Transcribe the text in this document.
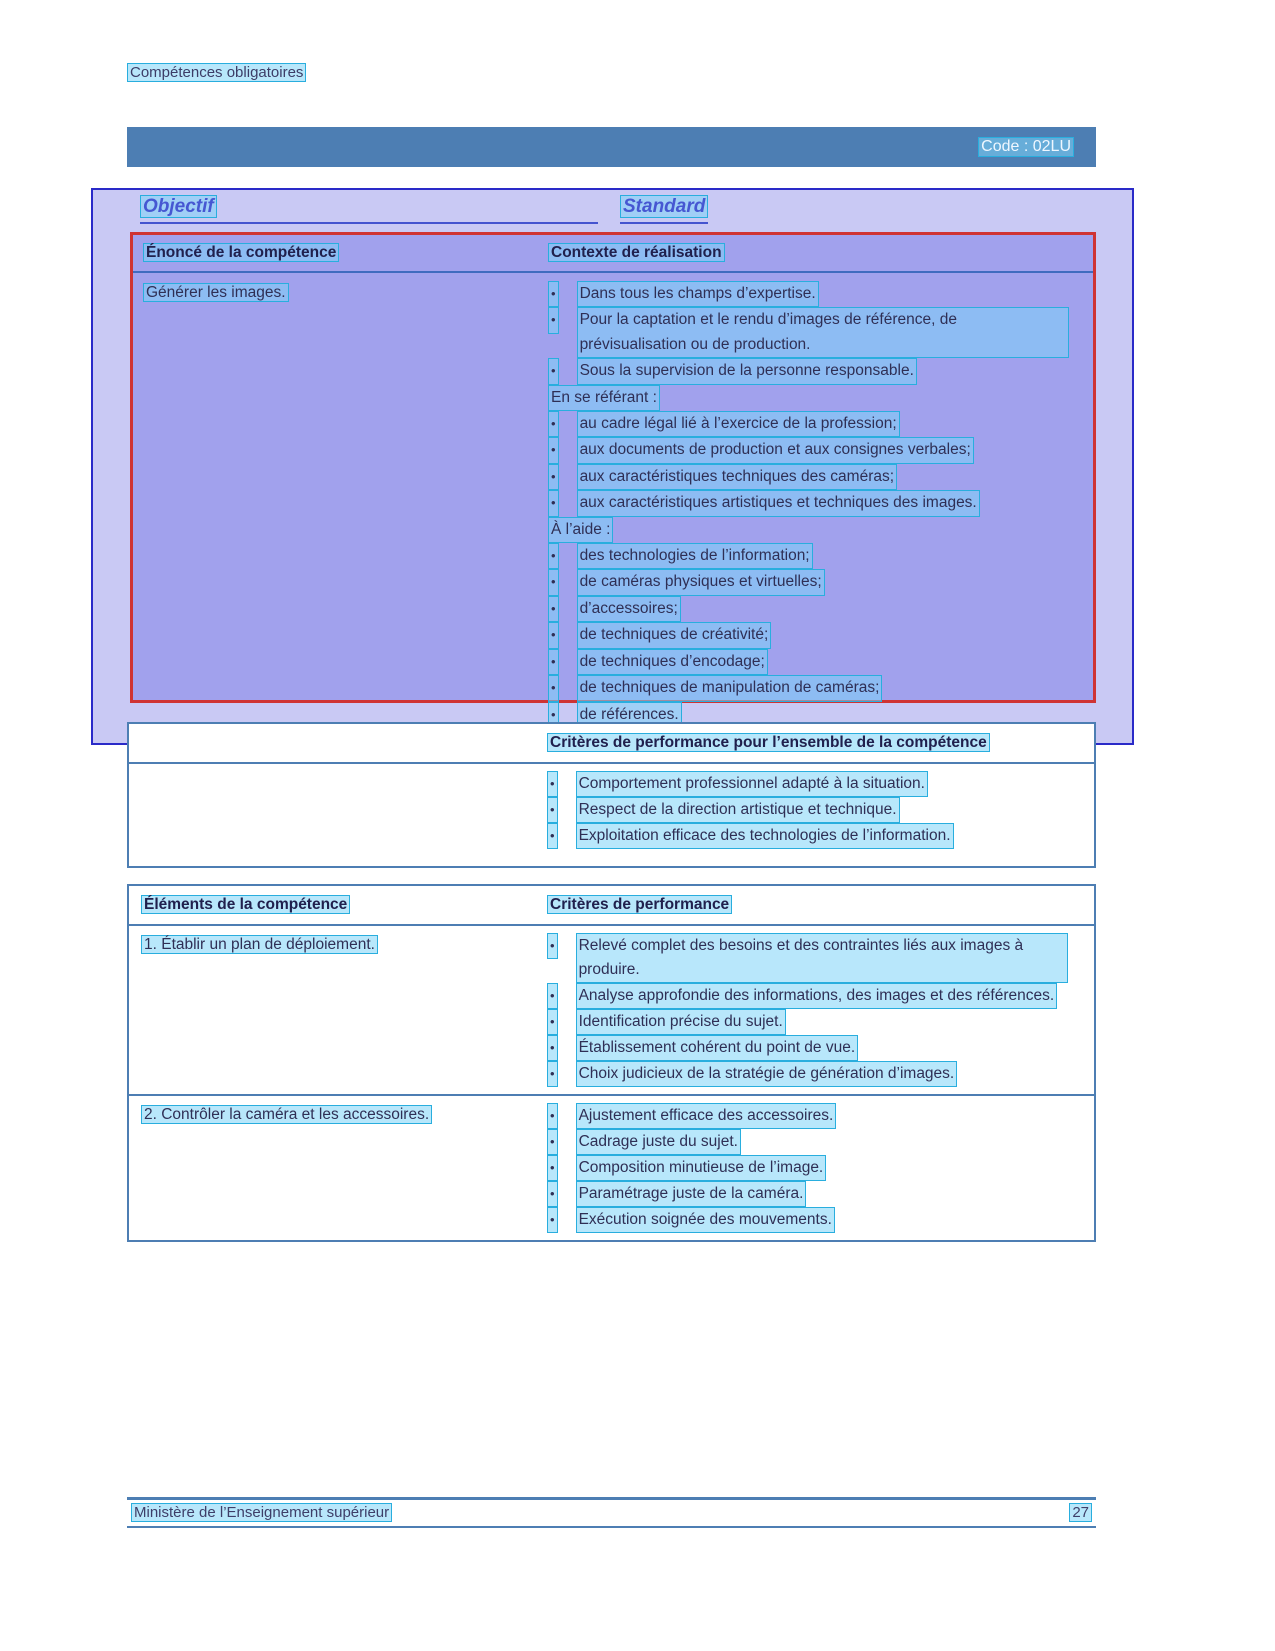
Compétences obligatoires
Code : 02LU
Objectif	Standard
Énoncé de la compétence	Contexte de réalisation
Générer les images.	• Dans tous les champs d’expertise.
• Pour la captation et le rendu d’images de référence, de prévisualisation ou de production.
• Sous la supervision de la personne responsable.
En se référant :
• au cadre légal lié à l’exercice de la profession;
• aux documents de production et aux consignes verbales;
• aux caractéristiques techniques des caméras;
• aux caractéristiques artistiques et techniques des images.
À l’aide :
• des technologies de l’information;
• de caméras physiques et virtuelles;
• d’accessoires;
• de techniques de créativité;
• de techniques d’encodage;
• de techniques de manipulation de caméras;
• de références.
Critères de performance pour l’ensemble de la compétence
• Comportement professionnel adapté à la situation.
• Respect de la direction artistique et technique.
• Exploitation efficace des technologies de l’information.
Éléments de la compétence	Critères de performance
1. Établir un plan de déploiement.	• Relevé complet des besoins et des contraintes liés aux images à produire.
• Analyse approfondie des informations, des images et des références.
• Identification précise du sujet.
• Établissement cohérent du point de vue.
• Choix judicieux de la stratégie de génération d’images.
2. Contrôler la caméra et les accessoires.	• Ajustement efficace des accessoires.
• Cadrage juste du sujet.
• Composition minutieuse de l’image.
• Paramétrage juste de la caméra.
• Exécution soignée des mouvements.
Ministère de l’Enseignement supérieur	27
